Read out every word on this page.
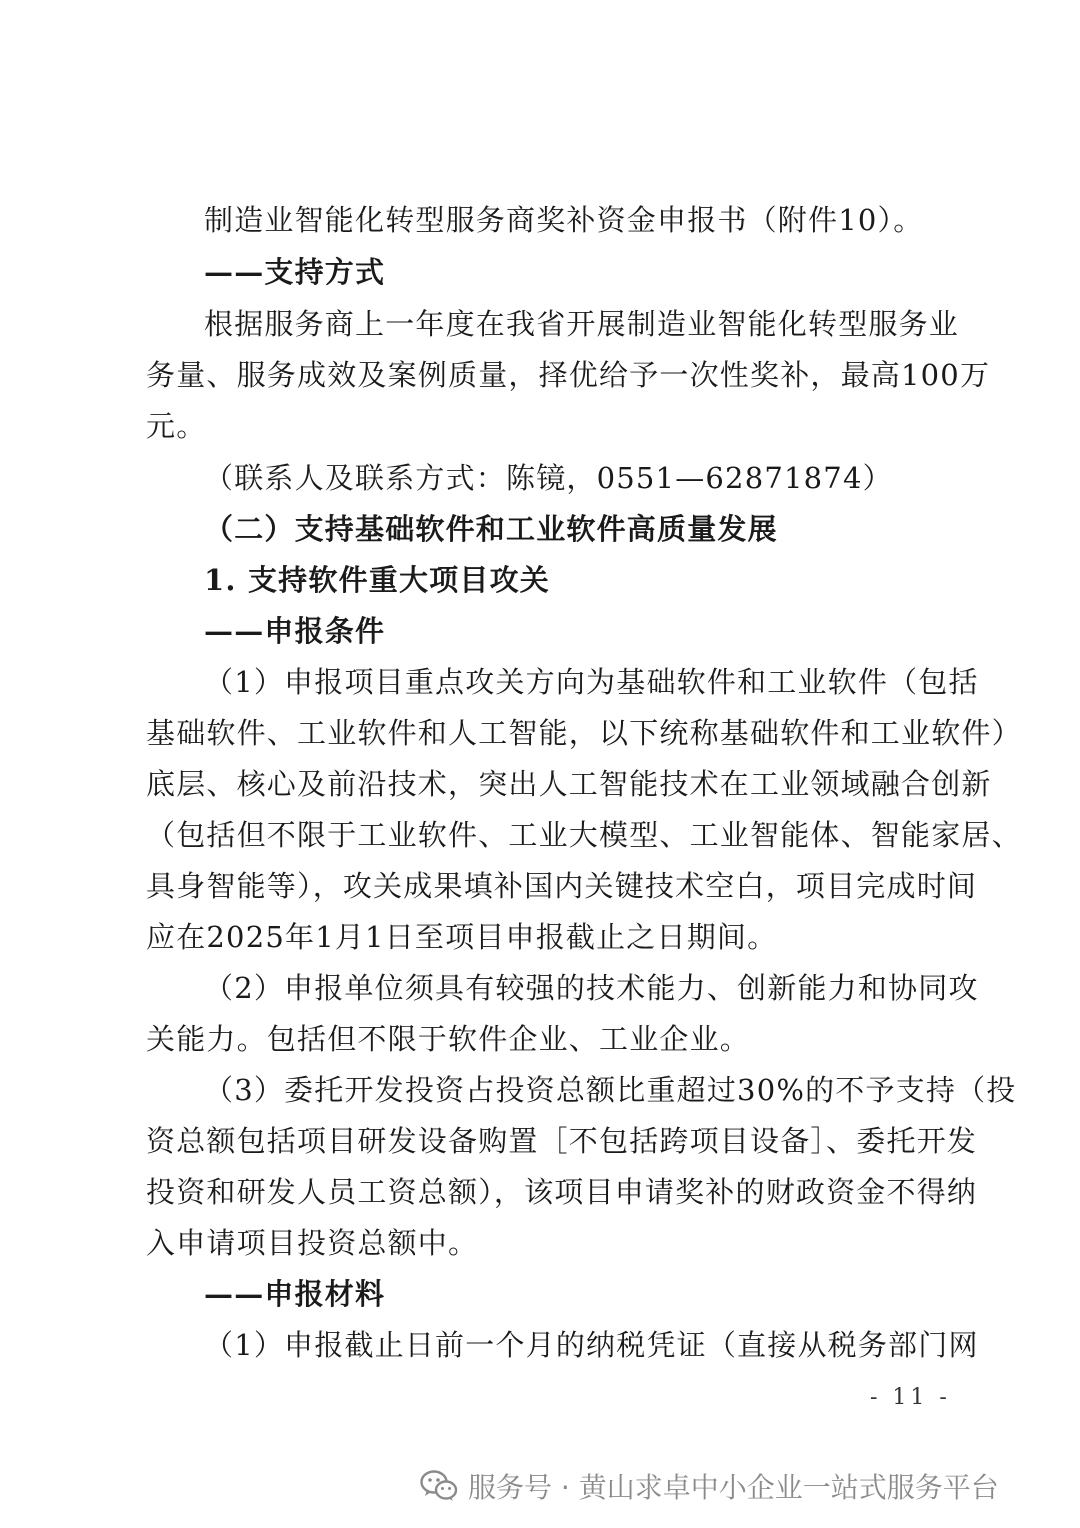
制造业智能化转型服务商奖补资金申报书（附件10）。
——支持方式
根据服务商上一年度在我省开展制造业智能化转型服务业
务量、服务成效及案例质量，择优给予一次性奖补，最高100万
元。
（联系人及联系方式：陈镜，0551—62871874）
（二）支持基础软件和工业软件高质量发展
1. 支持软件重大项目攻关
——申报条件
（1）申报项目重点攻关方向为基础软件和工业软件（包括
基础软件、工业软件和人工智能，以下统称基础软件和工业软件）
底层、核心及前沿技术，突出人工智能技术在工业领域融合创新
（包括但不限于工业软件、工业大模型、工业智能体、智能家居、
具身智能等），攻关成果填补国内关键技术空白，项目完成时间
应在2025年1月1日至项目申报截止之日期间。
（2）申报单位须具有较强的技术能力、创新能力和协同攻
关能力。包括但不限于软件企业、工业企业。
（3）委托开发投资占投资总额比重超过30%的不予支持（投
资总额包括项目研发设备购置［不包括跨项目设备］、委托开发
投资和研发人员工资总额），该项目申请奖补的财政资金不得纳
入申请项目投资总额中。
——申报材料
（1）申报截止日前一个月的纳税凭证（直接从税务部门网
- 11 -
服务号 · 黄山求卓中小企业一站式服务平台
